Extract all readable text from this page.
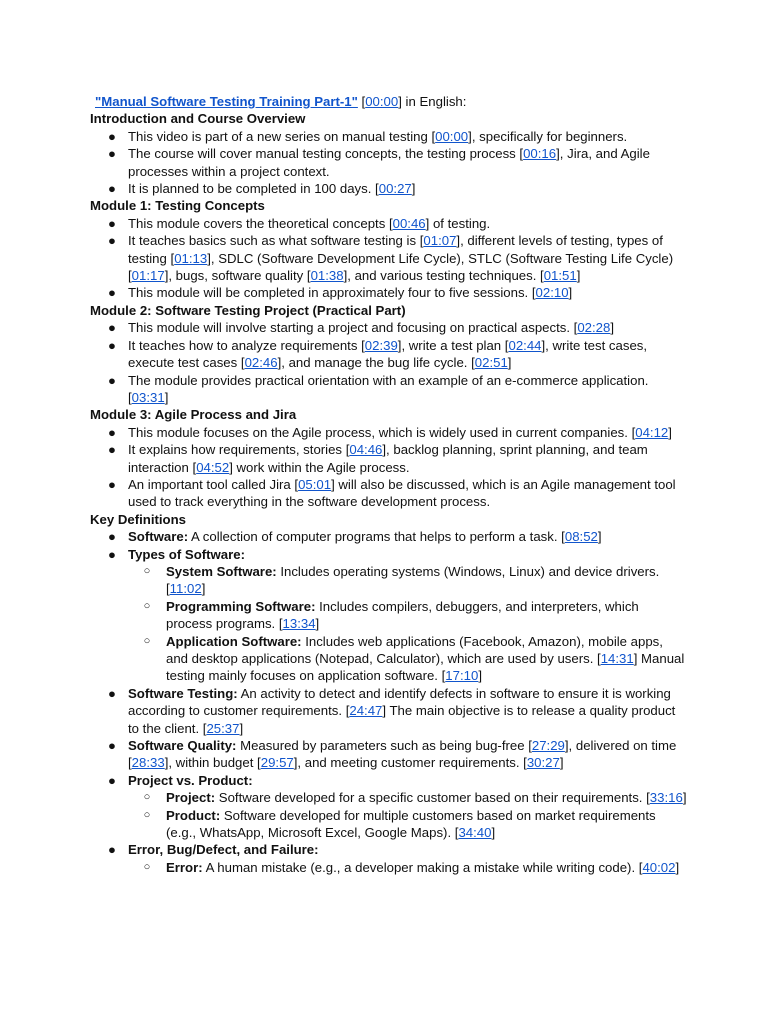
"Manual Software Testing Training Part-1" [00:00] in English:
Introduction and Course Overview
● This video is part of a new series on manual testing [00:00], specifically for beginners.
● The course will cover manual testing concepts, the testing process [00:16], Jira, and Agile processes within a project context.
● It is planned to be completed in 100 days. [00:27]
Module 1: Testing Concepts
● This module covers the theoretical concepts [00:46] of testing.
● It teaches basics such as what software testing is [01:07], different levels of testing, types of testing [01:13], SDLC (Software Development Life Cycle), STLC (Software Testing Life Cycle) [01:17], bugs, software quality [01:38], and various testing techniques. [01:51]
● This module will be completed in approximately four to five sessions. [02:10]
Module 2: Software Testing Project (Practical Part)
● This module will involve starting a project and focusing on practical aspects. [02:28]
● It teaches how to analyze requirements [02:39], write a test plan [02:44], write test cases, execute test cases [02:46], and manage the bug life cycle. [02:51]
● The module provides practical orientation with an example of an e-commerce application. [03:31]
Module 3: Agile Process and Jira
● This module focuses on the Agile process, which is widely used in current companies. [04:12]
● It explains how requirements, stories [04:46], backlog planning, sprint planning, and team interaction [04:52] work within the Agile process.
● An important tool called Jira [05:01] will also be discussed, which is an Agile management tool used to track everything in the software development process.
Key Definitions
● Software: A collection of computer programs that helps to perform a task. [08:52]
● Types of Software:
○ System Software: Includes operating systems (Windows, Linux) and device drivers. [11:02]
○ Programming Software: Includes compilers, debuggers, and interpreters, which process programs. [13:34]
○ Application Software: Includes web applications (Facebook, Amazon), mobile apps, and desktop applications (Notepad, Calculator), which are used by users. [14:31] Manual testing mainly focuses on application software. [17:10]
● Software Testing: An activity to detect and identify defects in software to ensure it is working according to customer requirements. [24:47] The main objective is to release a quality product to the client. [25:37]
● Software Quality: Measured by parameters such as being bug-free [27:29], delivered on time [28:33], within budget [29:57], and meeting customer requirements. [30:27]
● Project vs. Product:
○ Project: Software developed for a specific customer based on their requirements. [33:16]
○ Product: Software developed for multiple customers based on market requirements (e.g., WhatsApp, Microsoft Excel, Google Maps). [34:40]
● Error, Bug/Defect, and Failure:
○ Error: A human mistake (e.g., a developer making a mistake while writing code). [40:02]
